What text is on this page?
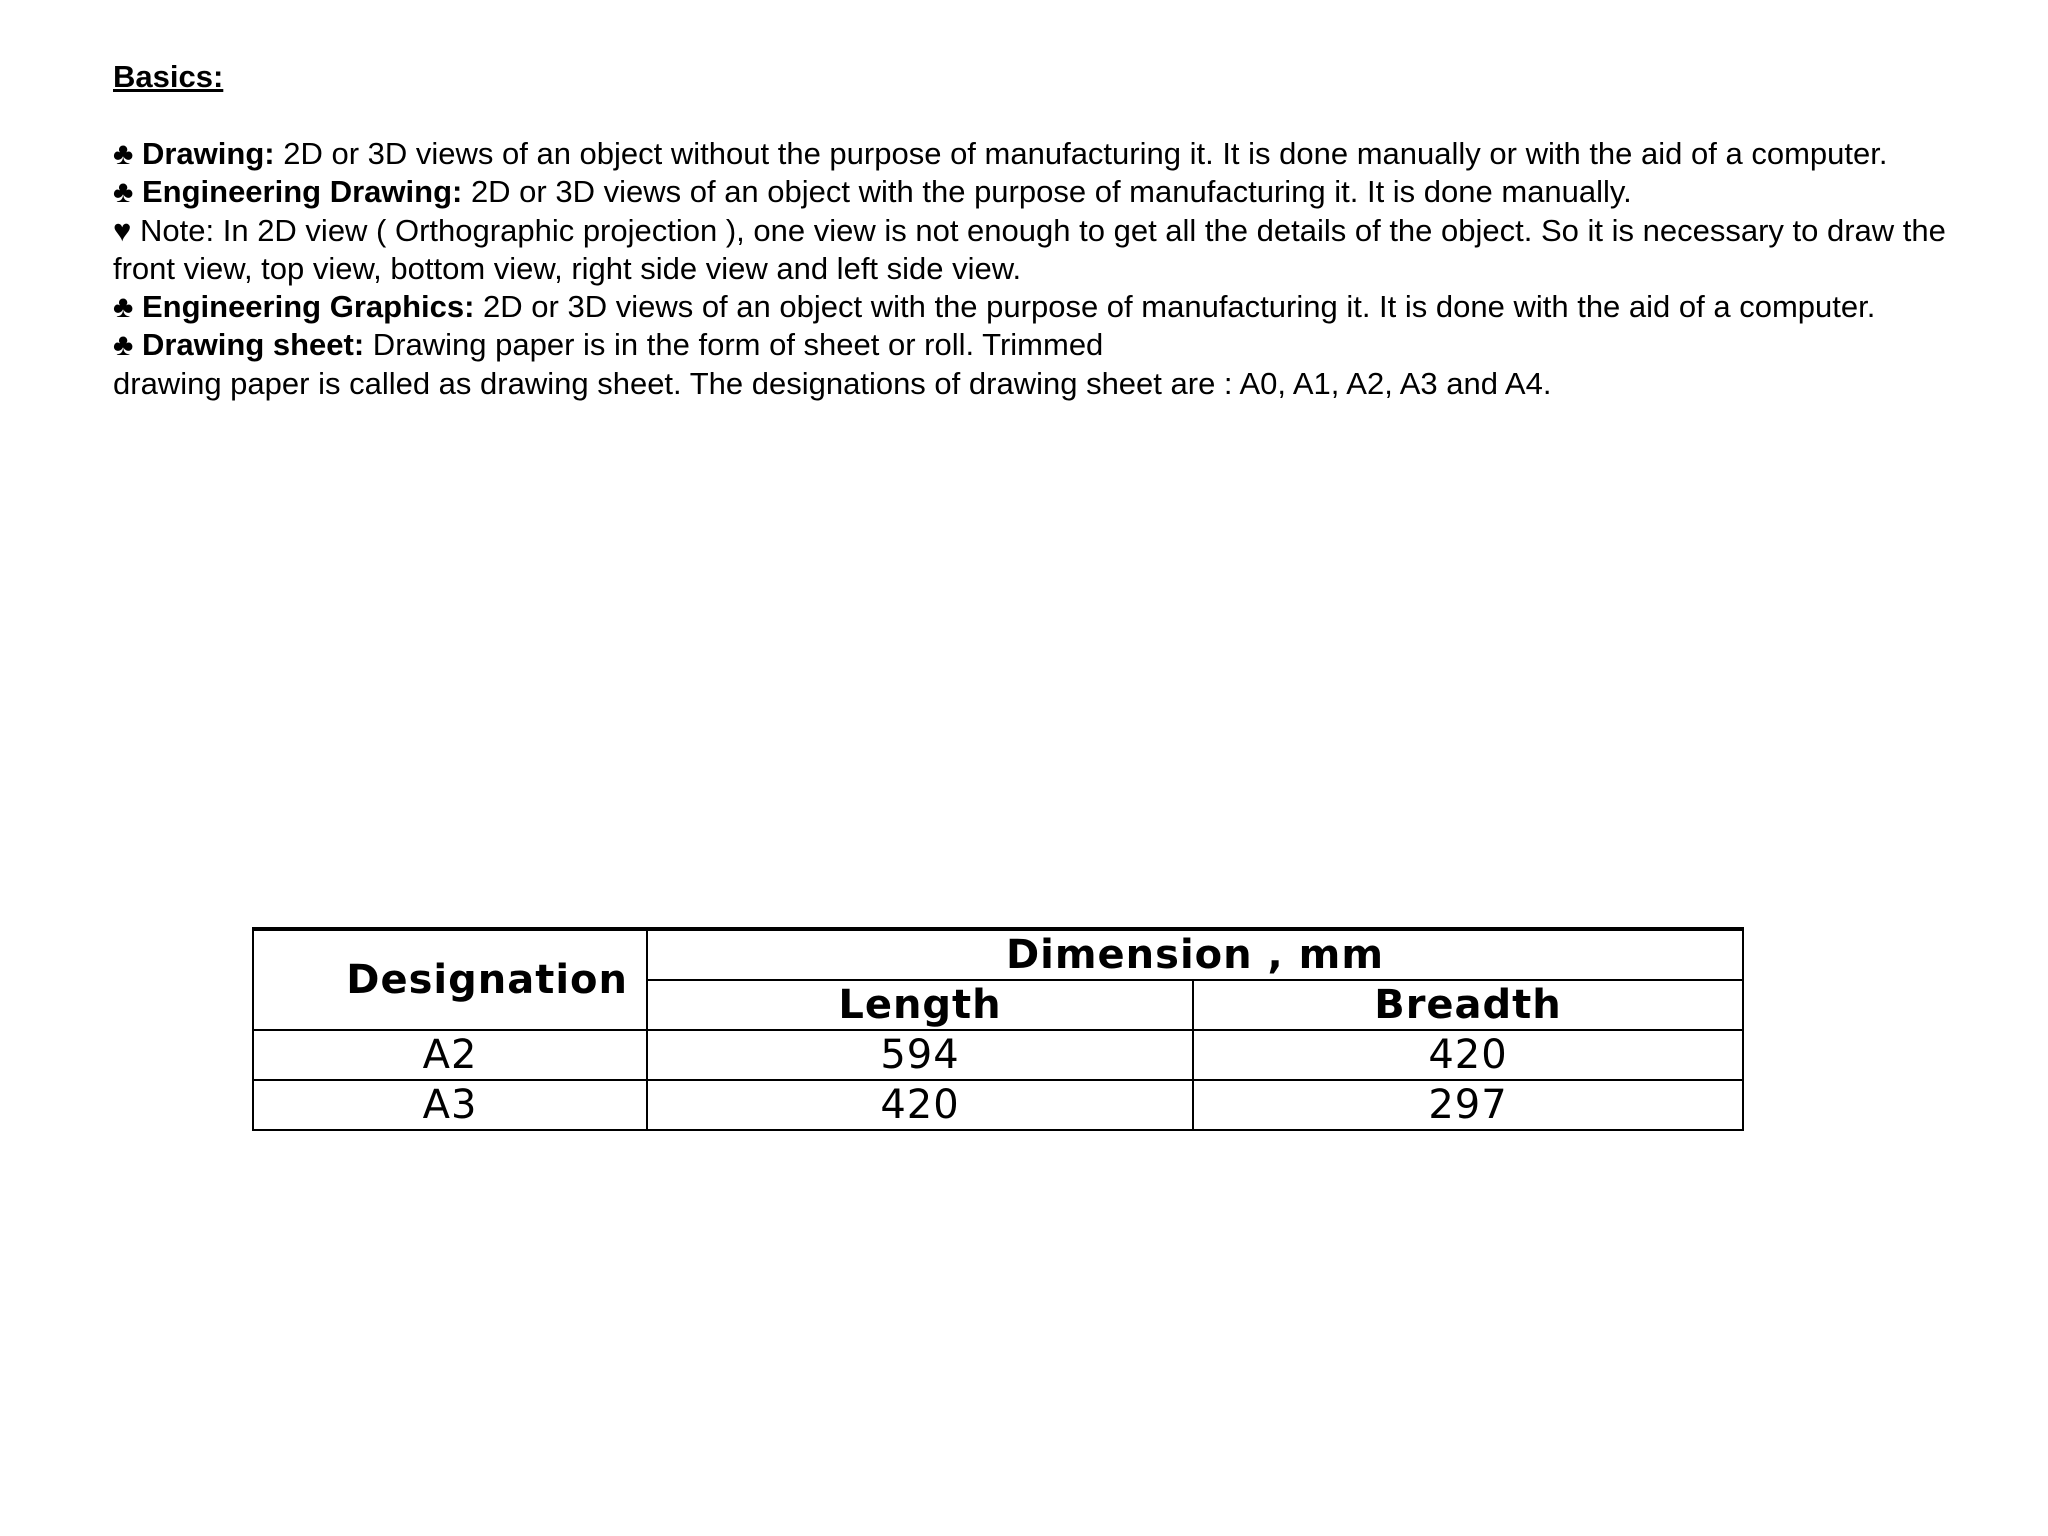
Basics:

♣ Drawing: 2D or 3D views of an object without the purpose of manufacturing it. It is done manually or with the aid of a computer.

♣ Engineering Drawing: 2D or 3D views of an object with the purpose of manufacturing it. It is done manually.

♥ Note: In 2D view ( Orthographic projection ), one view is not enough to get all the details of the object. So it is necessary to draw the front view, top view, bottom view, right side view and left side view.

♣ Engineering Graphics: 2D or 3D views of an object with the purpose of manufacturing it. It is done with the aid of a computer.

♣ Drawing sheet: Drawing paper is in the form of sheet or roll. Trimmed

drawing paper is called as drawing sheet. The designations of drawing sheet are : A0, A1, A2, A3 and A4.

Designation	Dimension , mm	
	Length	Breadth
A2	594	420
A3	420	297
